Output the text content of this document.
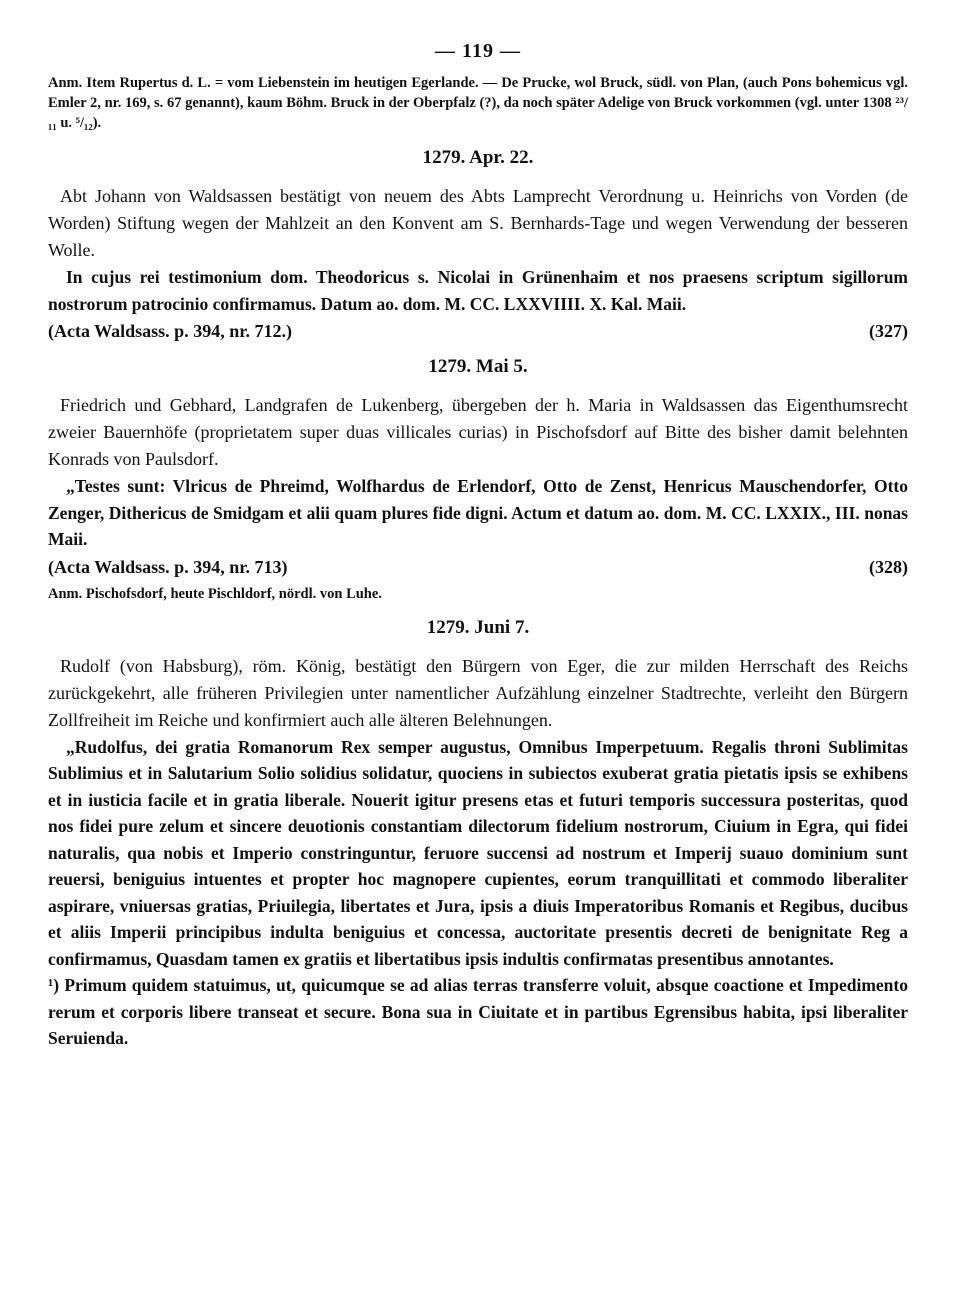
— 119 —
Anm. Item Rupertus d. L. = vom Liebenstein im heutigen Egerlande. — De Prucke, wol Bruck, südl. von Plan, (auch Pons bohemicus vgl. Emler 2, nr. 169, s. 67 genannt), kaum Böhm. Bruck in der Oberpfalz (?), da noch später Adelige von Bruck vorkommen (vgl. unter 1308 ²³/₁₁ u. ⁵/₁₂).
1279. Apr. 22.

Abt Johann von Waldsassen bestätigt von neuem des Abts Lamprecht Verordnung u. Heinrichs von Vorden (de Worden) Stiftung wegen der Mahlzeit an den Konvent am S. Bernhards-Tage und wegen Verwendung der besseren Wolle.

In cujus rei testimonium dom. Theodoricus s. Nicolai in Grünenhaim et nos praesens scriptum sigillorum nostrorum patrocinio confirmamus. Datum ao. dom. M. CC. LXXVIIII. X. Kal. Maii.

(Acta Waldsass. p. 394, nr. 712.)	(327)
1279. Mai 5.

Friedrich und Gebhard, Landgrafen de Lukenberg, übergeben der h. Maria in Waldsassen das Eigenthumsrecht zweier Bauernhöfe (proprietatem super duas villicales curias) in Pischofsdorf auf Bitte des bisher damit belehnten Konrads von Paulsdorf.

„Testes sunt: Vlricus de Phreimd, Wolfhardus de Erlendorf, Otto de Zenst, Henricus Mauschendorfer, Otto Zenger, Dithericus de Smidgam et alii quam plures fide digni. Actum et datum ao. dom. M. CC. LXXIX., III. nonas Maii.

(Acta Waldsass. p. 394, nr. 713)	(328)
Anm. Pischofsdorf, heute Pischldorf, nördl. von Luhe.
1279. Juni 7.

Rudolf (von Habsburg), röm. König, bestätigt den Bürgern von Eger, die zur milden Herrschaft des Reichs zurückgekehrt, alle früheren Privilegien unter namentlicher Aufzählung einzelner Stadtrechte, verleiht den Bürgern Zollfreiheit im Reiche und konfirmiert auch alle älteren Belehnungen.

„Rudolfus, dei gratia Romanorum Rex semper augustus, Omnibus Imperpetuum. Regalis throni Sublimitas Sublimius et in Salutarium Solio solidius solidatur, quociens in subiectos exuberat gratia pietatis ipsis se exhibens et in iusticia facile et in gratia liberale. Nouerit igitur presens etas et futuri temporis successura posteritas, quod nos fidei pure zelum et sincere deuotionis constantiam dilectorum fidelium nostrorum, Ciuium in Egra, qui fidei naturalis, qua nobis et Imperio constringuntur, feruore succensi ad nostrum et Imperij suauo dominium sunt reuersi, beniguius intuentes et propter hoc magnopere cupientes, eorum tranquillitati et commodo liberaliter aspirare, vniuersas gratias, Priuilegia, libertates et Jura, ipsis a diuis Imperatoribus Romanis et Regibus, ducibus et aliis Imperii principibus indulta beniguius et concessa, auctoritate presentis decreti de benignitate Reg a confirmamus, Quasdam tamen ex gratiis et libertatibus ipsis indultis confirmatas presentibus annotantes.

¹) Primum quidem statuimus, ut, quicumque se ad alias terras transferre voluit, absque coactione et Impedimento rerum et corporis libere transeat et secure. Bona sua in Ciuitate et in partibus Egrensibus habita, ipsi liberaliter Seruienda.
